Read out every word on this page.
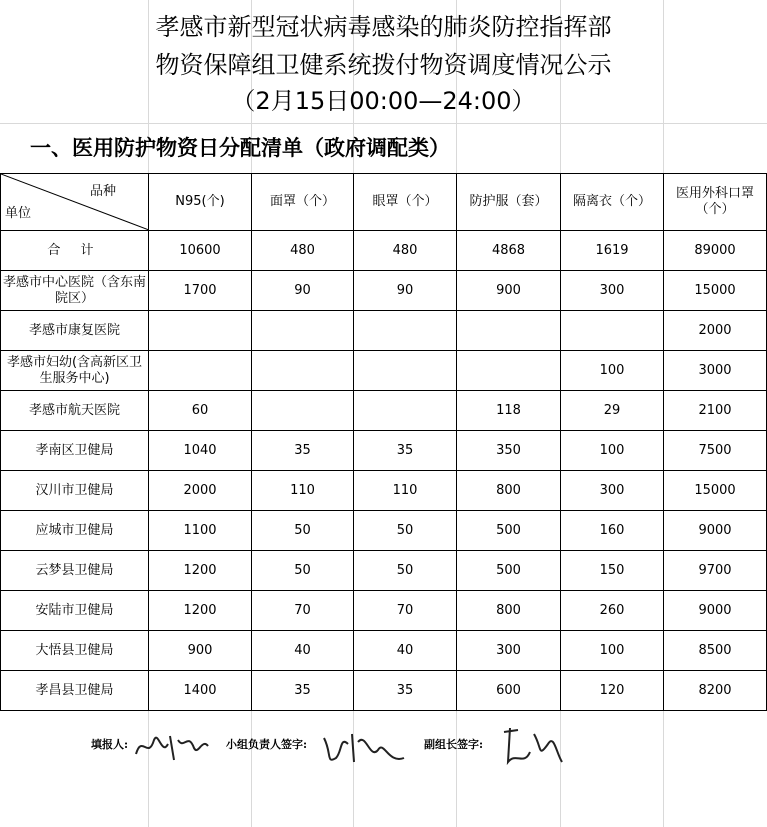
孝感市新型冠状病毒感染的肺炎防控指挥部
物资保障组卫健系统拨付物资调度情况公示
（2月15日00:00—24:00）
一、医用防护物资日分配清单（政府调配类）
品种
单位	N95(个)	面罩（个）	眼罩（个）	防护服（套）	隔离衣（个）	医用外科口罩（个）
合 计	10600	480	480	4868	1619	89000
孝感市中心医院（含东南院区）	1700	90	90	900	300	15000
孝感市康复医院						2000
孝感市妇幼(含高新区卫生服务中心)					100	3000
孝感市航天医院	60			118	29	2100
孝南区卫健局	1040	35	35	350	100	7500
汉川市卫健局	2000	110	110	800	300	15000
应城市卫健局	1100	50	50	500	160	9000
云梦县卫健局	1200	50	50	500	150	9700
安陆市卫健局	1200	70	70	800	260	9000
大悟县卫健局	900	40	40	300	100	8500
孝昌县卫健局	1400	35	35	600	120	8200
填报人:	小组负责人签字:	副组长签字:
